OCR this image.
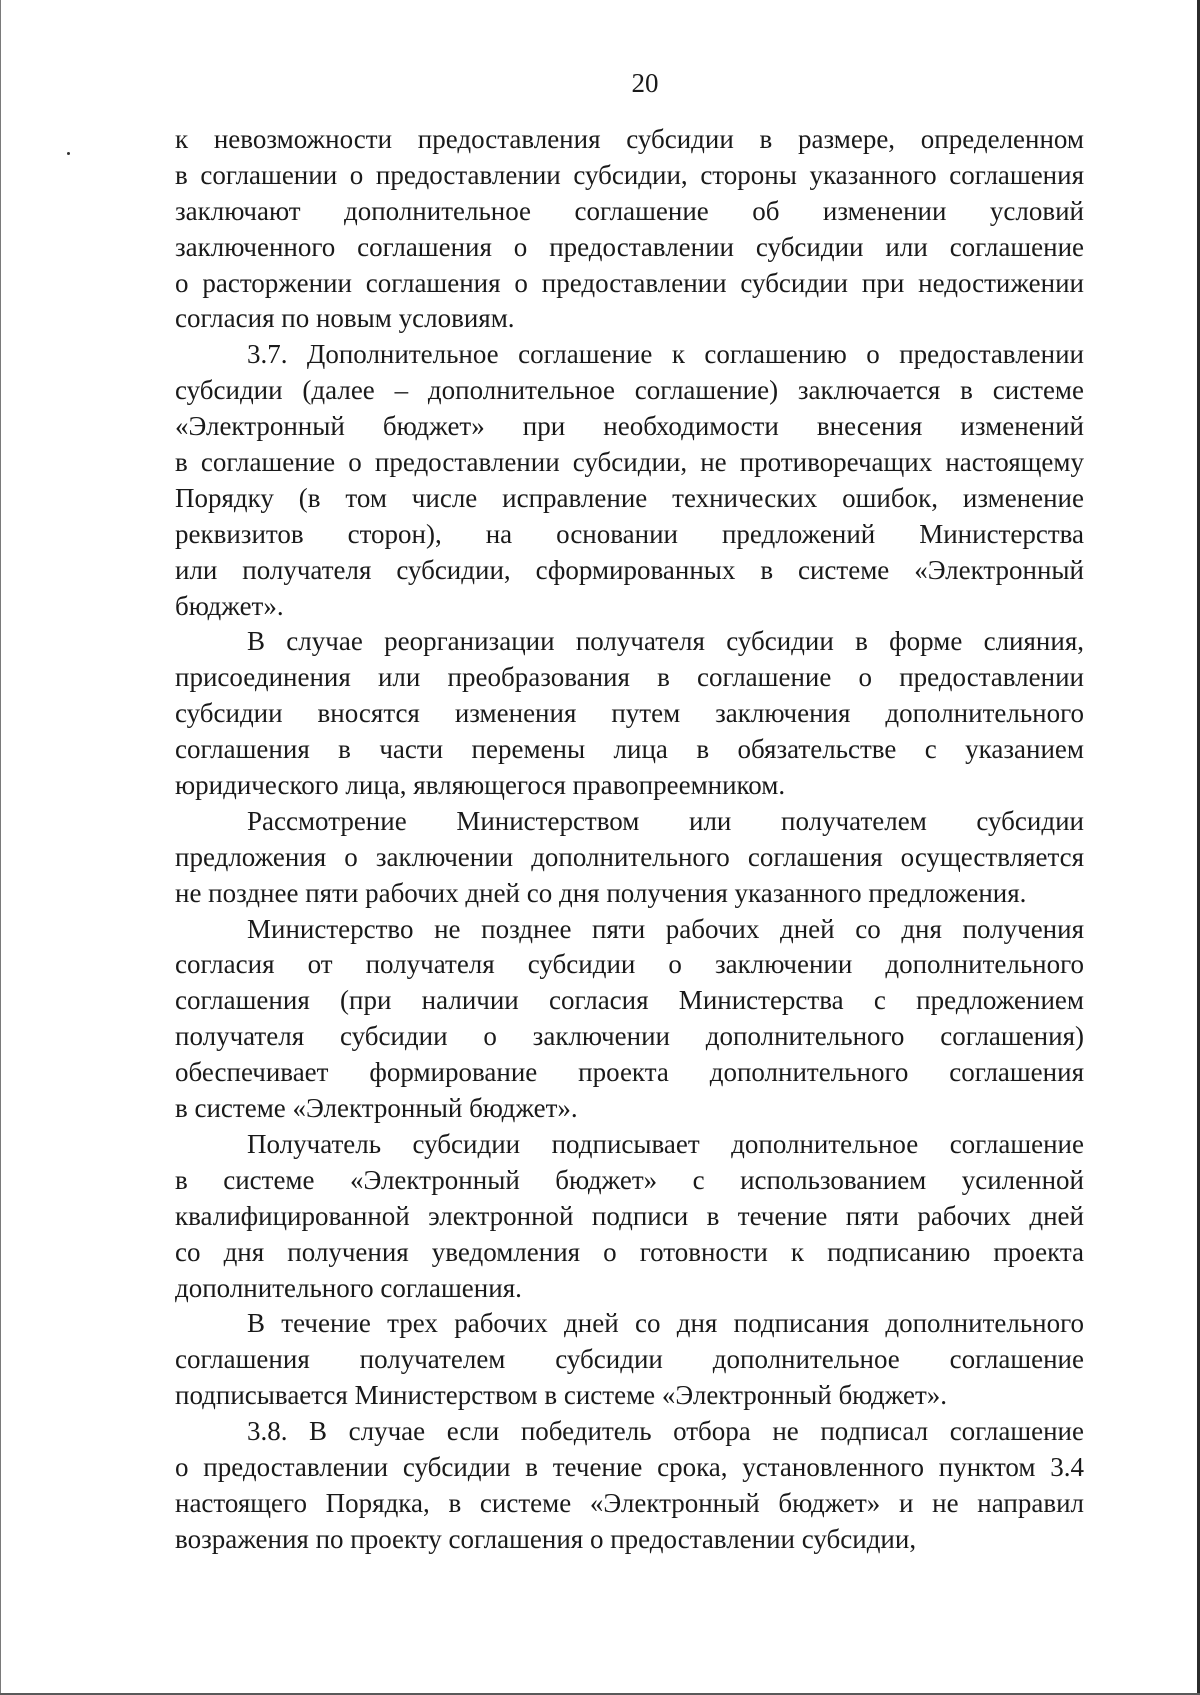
20
к невозможности предоставления субсидии в размере, определенном
в соглашении о предоставлении субсидии, стороны указанного соглашения
заключают дополнительное соглашение об изменении условий
заключенного соглашения о предоставлении субсидии или соглашение
о расторжении соглашения о предоставлении субсидии при недостижении
согласия по новым условиям.
3.7. Дополнительное соглашение к соглашению о предоставлении
субсидии (далее – дополнительное соглашение) заключается в системе
«Электронный бюджет» при необходимости внесения изменений
в соглашение о предоставлении субсидии, не противоречащих настоящему
Порядку (в том числе исправление технических ошибок, изменение
реквизитов сторон), на основании предложений Министерства
или получателя субсидии, сформированных в системе «Электронный
бюджет».
В случае реорганизации получателя субсидии в форме слияния,
присоединения или преобразования в соглашение о предоставлении
субсидии вносятся изменения путем заключения дополнительного
соглашения в части перемены лица в обязательстве с указанием
юридического лица, являющегося правопреемником.
Рассмотрение Министерством или получателем субсидии
предложения о заключении дополнительного соглашения осуществляется
не позднее пяти рабочих дней со дня получения указанного предложения.
Министерство не позднее пяти рабочих дней со дня получения
согласия от получателя субсидии о заключении дополнительного
соглашения (при наличии согласия Министерства с предложением
получателя субсидии о заключении дополнительного соглашения)
обеспечивает формирование проекта дополнительного соглашения
в системе «Электронный бюджет».
Получатель субсидии подписывает дополнительное соглашение
в системе «Электронный бюджет» с использованием усиленной
квалифицированной электронной подписи в течение пяти рабочих дней
со дня получения уведомления о готовности к подписанию проекта
дополнительного соглашения.
В течение трех рабочих дней со дня подписания дополнительного
соглашения получателем субсидии дополнительное соглашение
подписывается Министерством в системе «Электронный бюджет».
3.8. В случае если победитель отбора не подписал соглашение
о предоставлении субсидии в течение срока, установленного пунктом 3.4
настоящего Порядка, в системе «Электронный бюджет» и не направил
возражения по проекту соглашения о предоставлении субсидии,
